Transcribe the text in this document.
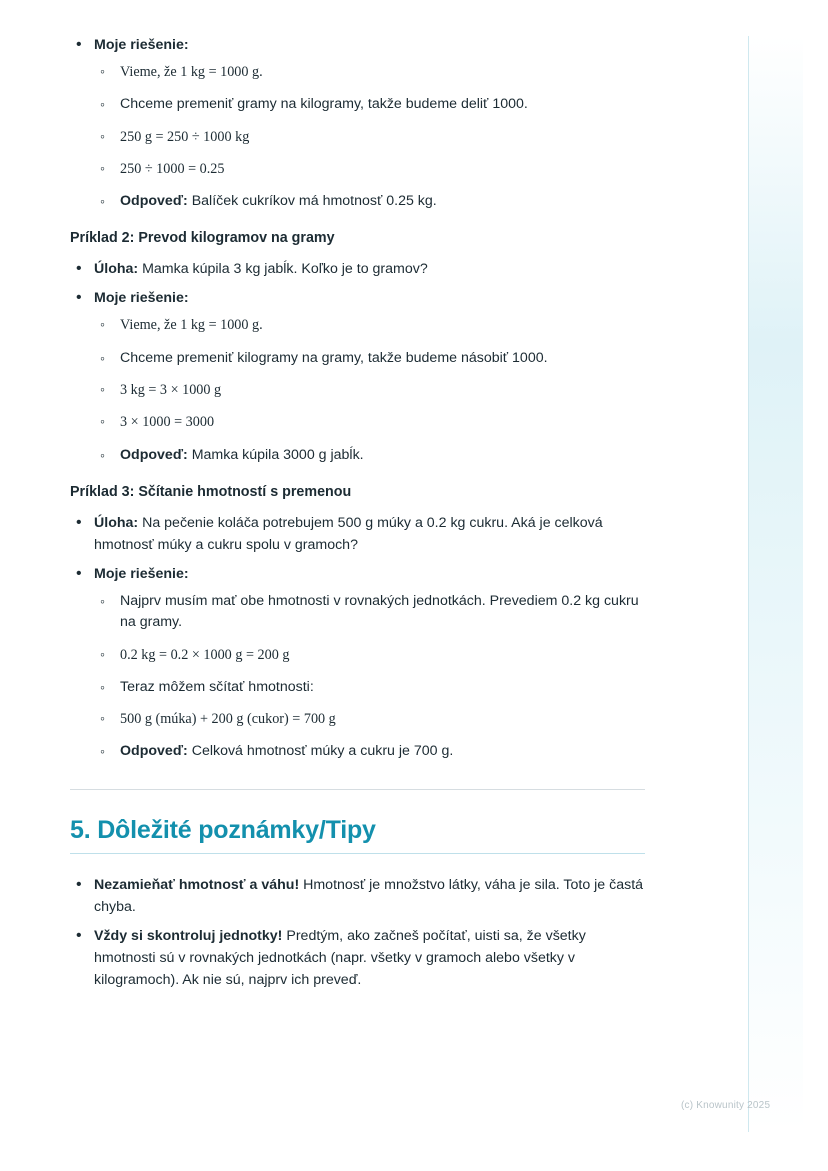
• Moje riešenie:
◦ Vieme, že 1 kg = 1000 g.
◦ Chceme premeniť gramy na kilogramy, takže budeme deliť 1000.
◦ 250 g = 250 ÷ 1000 kg
◦ 250 ÷ 1000 = 0.25
◦ Odpoveď: Balíček cukríkov má hmotnosť 0.25 kg.
Príklad 2: Prevod kilogramov na gramy
• Úloha: Mamka kúpila 3 kg jabĺk. Koľko je to gramov?
• Moje riešenie:
◦ Vieme, že 1 kg = 1000 g.
◦ Chceme premeniť kilogramy na gramy, takže budeme násobiť 1000.
◦ 3 kg = 3 × 1000 g
◦ 3 × 1000 = 3000
◦ Odpoveď: Mamka kúpila 3000 g jabĺk.
Príklad 3: Sčítanie hmotností s premenou
• Úloha: Na pečenie koláča potrebujem 500 g múky a 0.2 kg cukru. Aká je celková hmotnosť múky a cukru spolu v gramoch?
• Moje riešenie:
◦ Najprv musím mať obe hmotnosti v rovnakých jednotkách. Prevediem 0.2 kg cukru na gramy.
◦ 0.2 kg = 0.2 × 1000 g = 200 g
◦ Teraz môžem sčítať hmotnosti:
◦ 500 g (múka) + 200 g (cukor) = 700 g
◦ Odpoveď: Celková hmotnosť múky a cukru je 700 g.
5. Dôležité poznámky/Tipy
• Nezamieňať hmotnosť a váhu! Hmotnosť je množstvo látky, váha je sila. Toto je častá chyba.
• Vždy si skontroluj jednotky! Predtým, ako začneš počítať, uisti sa, že všetky hmotnosti sú v rovnakých jednotkách (napr. všetky v gramoch alebo všetky v kilogramoch). Ak nie sú, najprv ich preveď.
(c) Knowunity 2025
